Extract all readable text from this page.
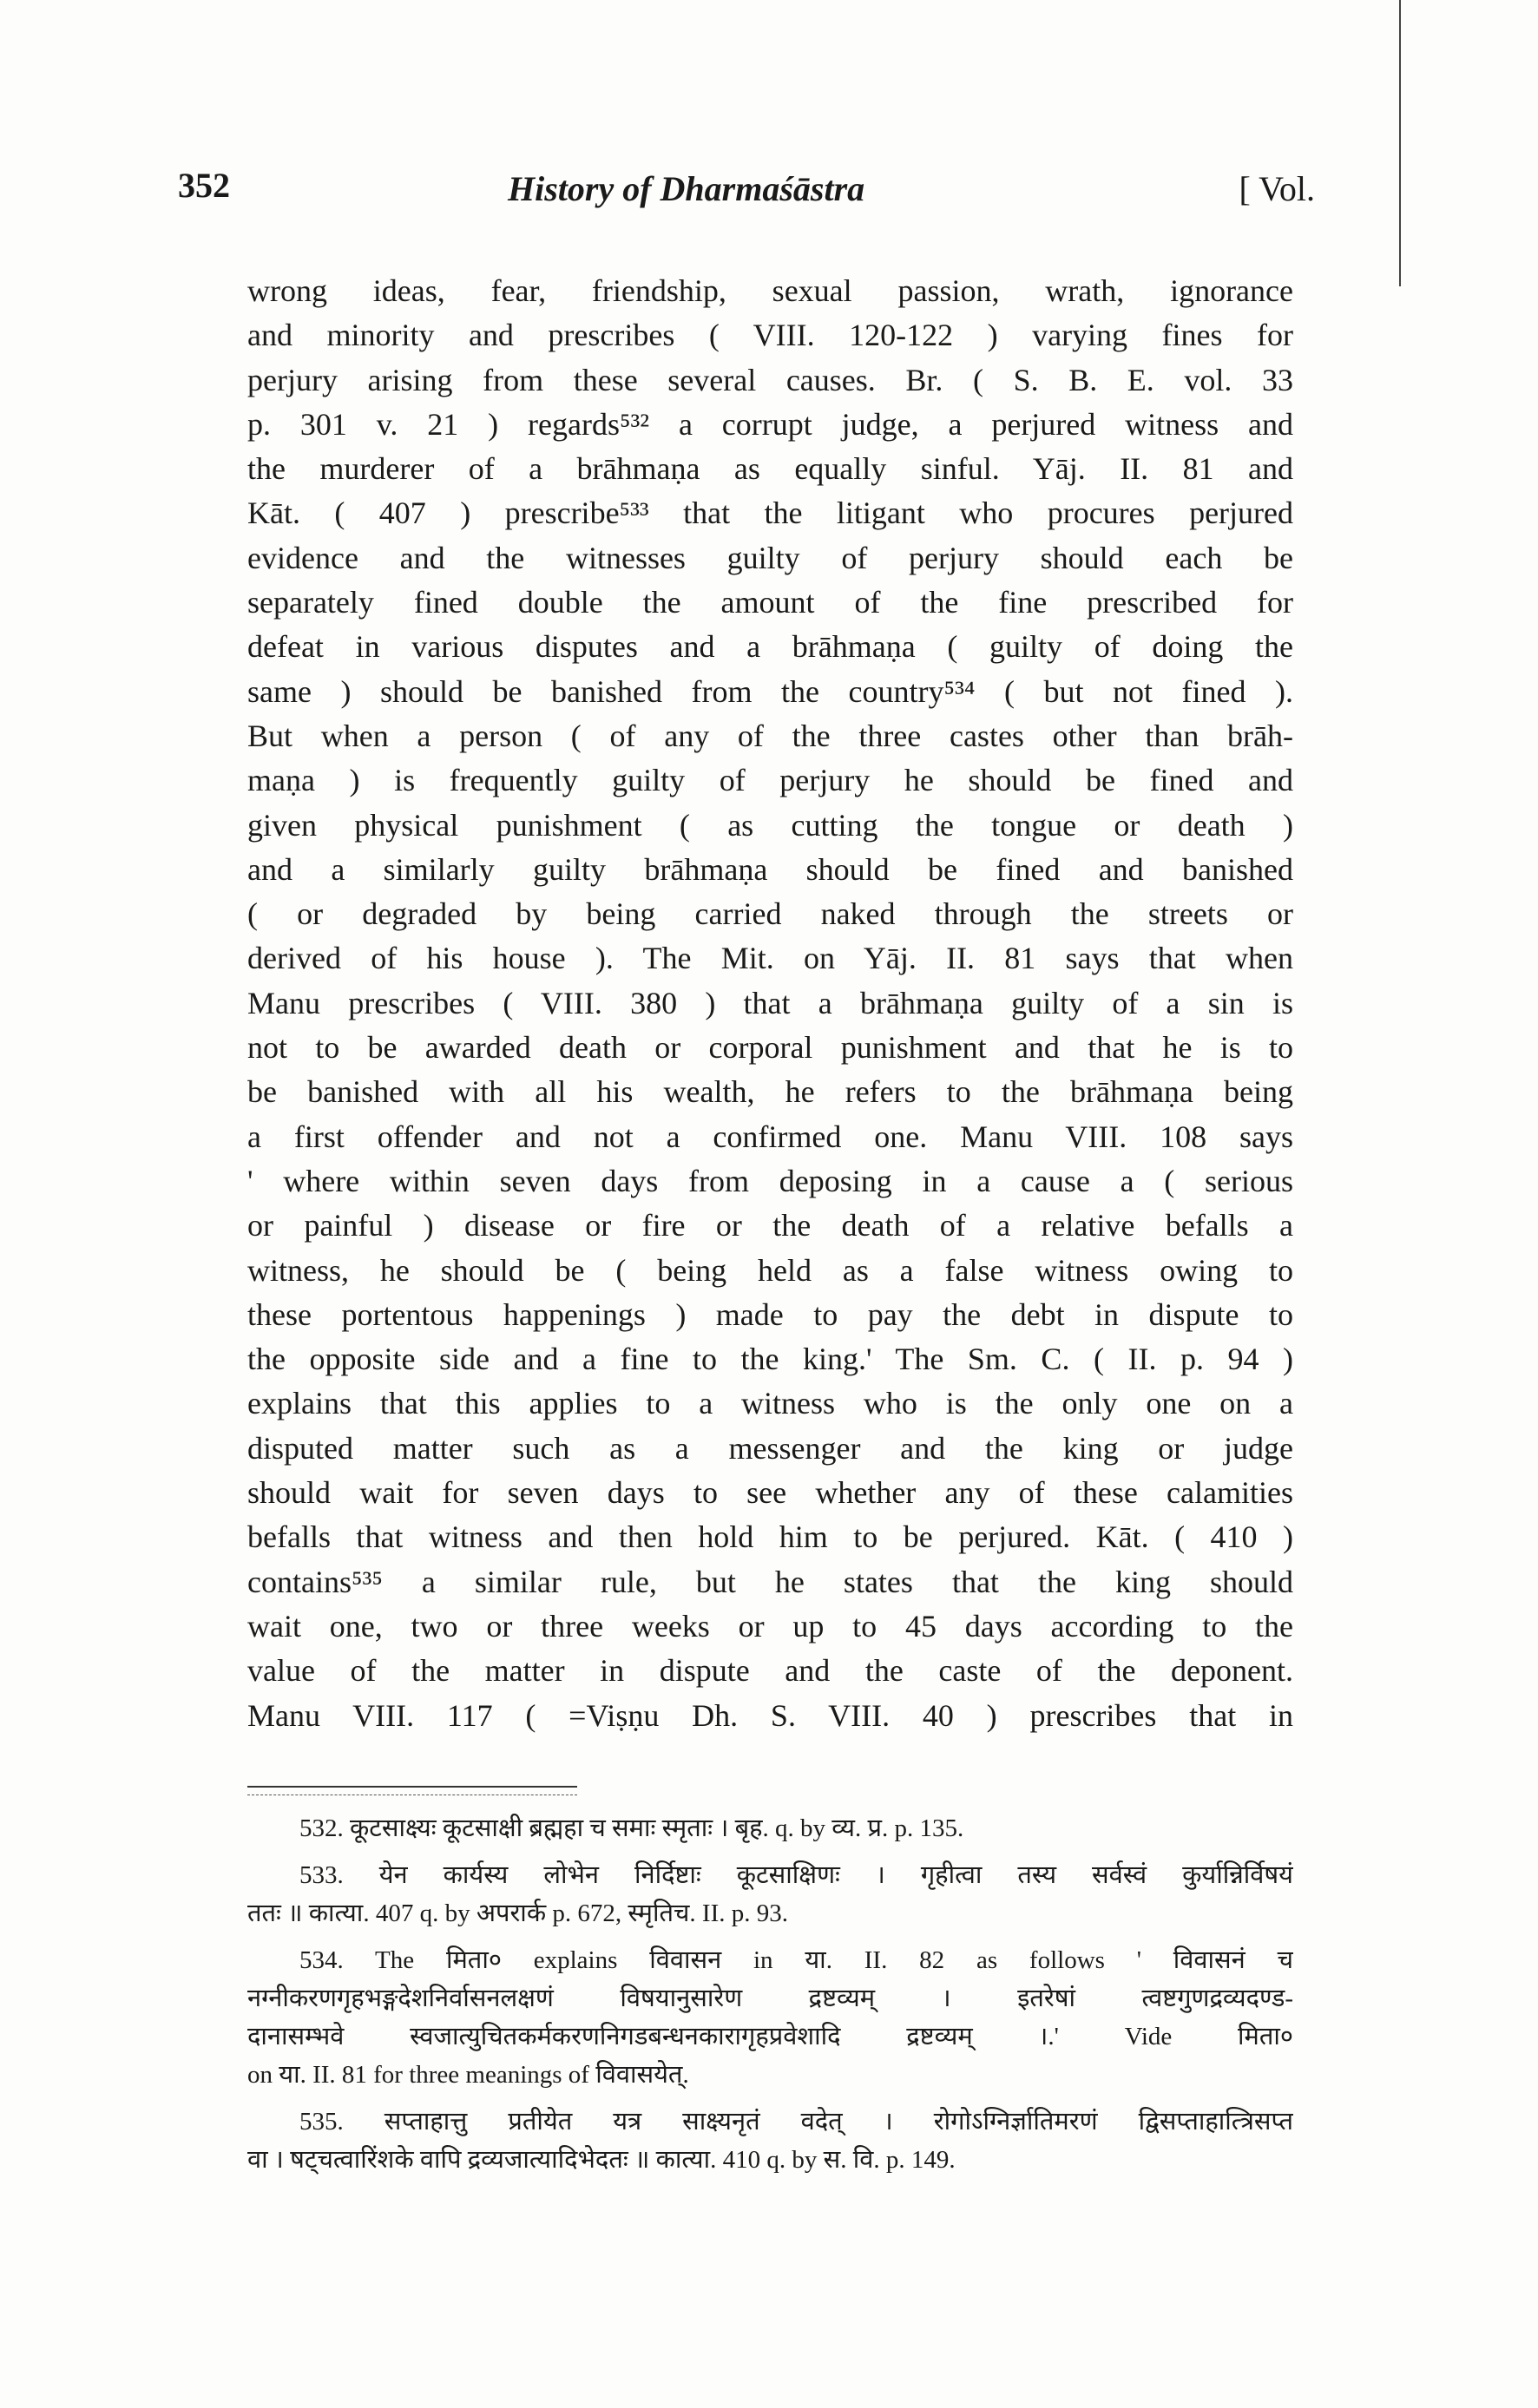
352	History of Dharmaśāstra	[ Vol.
wrong ideas, fear, friendship, sexual passion, wrath, ignorance
and minority and prescribes ( VIII. 120-122 ) varying fines for
perjury arising from these several causes. Br. ( S. B. E. vol. 33
p. 301 v. 21 ) regards⁵³² a corrupt judge, a perjured witness and
the murderer of a brāhmaṇa as equally sinful. Yāj. II. 81 and
Kāt. ( 407 ) prescribe⁵³³ that the litigant who procures perjured
evidence and the witnesses guilty of perjury should each be
separately fined double the amount of the fine prescribed for
defeat in various disputes and a brāhmaṇa ( guilty of doing the
same ) should be banished from the country⁵³⁴ ( but not fined ).
But when a person ( of any of the three castes other than brāh-
maṇa ) is frequently guilty of perjury he should be fined and
given physical punishment ( as cutting the tongue or death )
and a similarly guilty brāhmaṇa should be fined and banished
( or degraded by being carried naked through the streets or
derived of his house ). The Mit. on Yāj. II. 81 says that when
Manu prescribes ( VIII. 380 ) that a brāhmaṇa guilty of a sin is
not to be awarded death or corporal punishment and that he is to
be banished with all his wealth, he refers to the brāhmaṇa being
a first offender and not a confirmed one. Manu VIII. 108 says
' where within seven days from deposing in a cause a ( serious
or painful ) disease or fire or the death of a relative befalls a
witness, he should be ( being held as a false witness owing to
these portentous happenings ) made to pay the debt in dispute to
the opposite side and a fine to the king.' The Sm. C. ( II. p. 94 )
explains that this applies to a witness who is the only one on a
disputed matter such as a messenger and the king or judge
should wait for seven days to see whether any of these calamities
befalls that witness and then hold him to be perjured. Kāt. ( 410 )
contains⁵³⁵ a similar rule, but he states that the king should
wait one, two or three weeks or up to 45 days according to the
value of the matter in dispute and the caste of the deponent.
Manu VIII. 117 ( =Viṣṇu Dh. S. VIII. 40 ) prescribes that in
532. कूटसाक्ष्यः कूटसाक्षी ब्रह्महा च समाः स्मृताः । बृह. q. by व्य. प्र. p. 135.
533. येन कार्यस्य लोभेन निर्दिष्टाः कूटसाक्षिणः । गृहीत्वा तस्य सर्वस्वं कुर्यान्निर्विषयं
ततः ॥ कात्या. 407 q. by अपरार्क p. 672, स्मृतिच. II. p. 93.
534. The मिता० explains विवासन in या. II. 82 as follows ' विवासनं च
नग्नीकरणगृहभङ्गदेशनिर्वासनलक्षणं विषयानुसारेण द्रष्टव्यम् । इतरेषां त्वष्टगुणद्रव्यदण्ड-
दानासम्भवे स्वजात्युचितकर्मकरणनिगडबन्धनकारागृहप्रवेशादि द्रष्टव्यम् ।.' Vide मिता०
on या. II. 81 for three meanings of विवासयेत्.
535. सप्ताहात्तु प्रतीयेत यत्र साक्ष्यनृतं वदेत् । रोगोऽग्निर्ज्ञातिमरणं द्विसप्ताहात्त्रिसप्त
वा । षट्चत्वारिंशके वापि द्रव्यजात्यादिभेदतः ॥ कात्या. 410 q. by स. वि. p. 149.
